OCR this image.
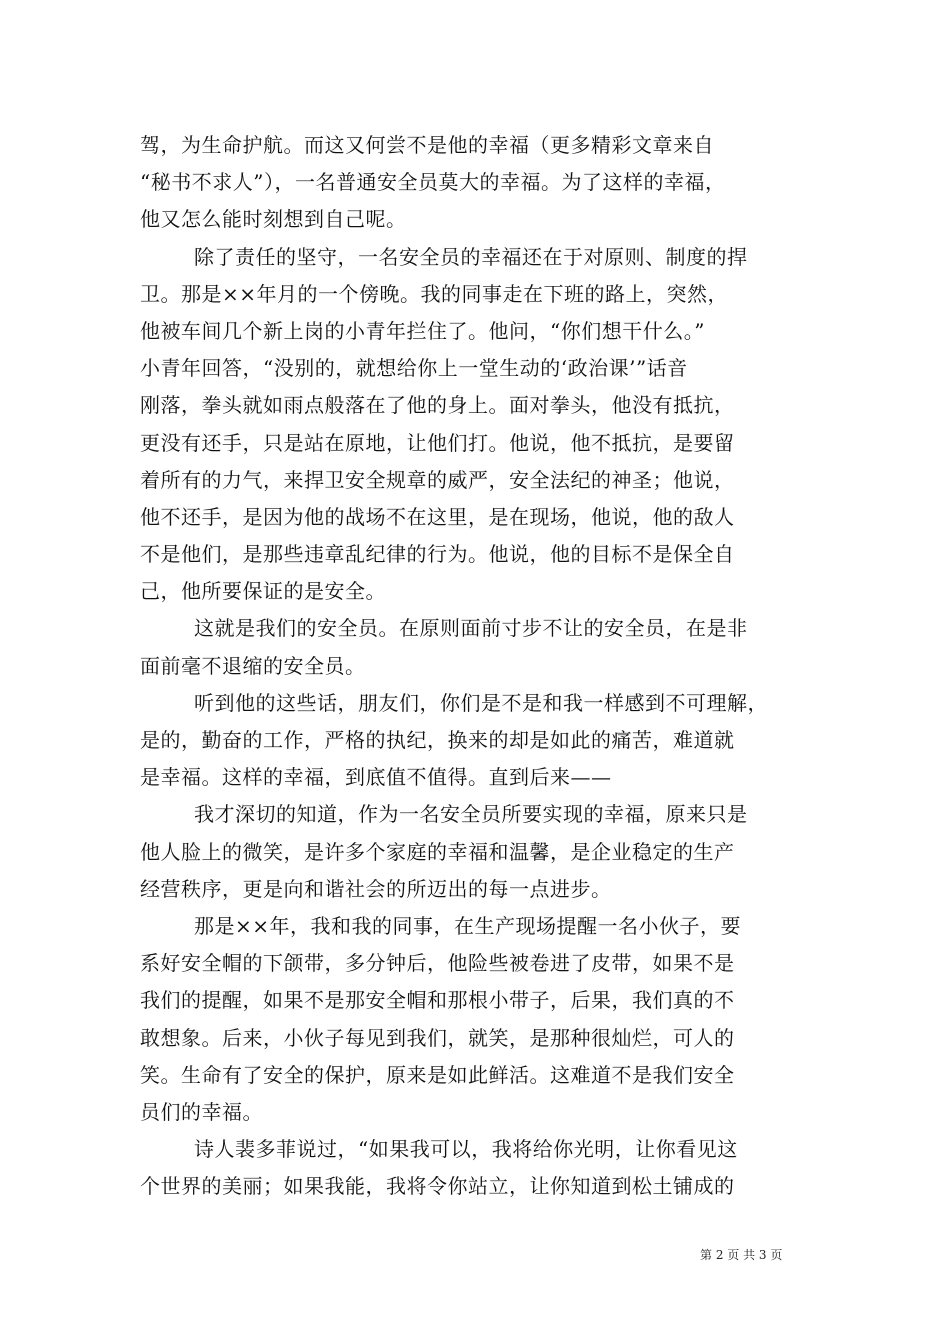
驾，为生命护航。而这又何尝不是他的幸福（更多精彩文章来自
“秘书不求人”），一名普通安全员莫大的幸福。为了这样的幸福，
他又怎么能时刻想到自己呢。
除了责任的坚守，一名安全员的幸福还在于对原则、制度的捍
卫。那是××年月的一个傍晚。我的同事走在下班的路上，突然，
他被车间几个新上岗的小青年拦住了。他问，“你们想干什么。”
小青年回答，“没别的，就想给你上一堂生动的‘政治课’”话音
刚落，拳头就如雨点般落在了他的身上。面对拳头，他没有抵抗，
更没有还手，只是站在原地，让他们打。他说，他不抵抗，是要留
着所有的力气，来捍卫安全规章的威严，安全法纪的神圣；他说，
他不还手，是因为他的战场不在这里，是在现场，他说，他的敌人
不是他们，是那些违章乱纪律的行为。他说，他的目标不是保全自
己，他所要保证的是安全。
这就是我们的安全员。在原则面前寸步不让的安全员，在是非
面前毫不退缩的安全员。
听到他的这些话，朋友们，你们是不是和我一样感到不可理解，
是的，勤奋的工作，严格的执纪，换来的却是如此的痛苦，难道就
是幸福。这样的幸福，到底值不值得。直到后来——
我才深切的知道，作为一名安全员所要实现的幸福，原来只是
他人脸上的微笑，是许多个家庭的幸福和温馨，是企业稳定的生产
经营秩序，更是向和谐社会的所迈出的每一点进步。
那是××年，我和我的同事，在生产现场提醒一名小伙子，要
系好安全帽的下颌带，多分钟后，他险些被卷进了皮带，如果不是
我们的提醒，如果不是那安全帽和那根小带子，后果，我们真的不
敢想象。后来，小伙子每见到我们，就笑，是那种很灿烂，可人的
笑。生命有了安全的保护，原来是如此鲜活。这难道不是我们安全
员们的幸福。
诗人裴多菲说过，“如果我可以，我将给你光明，让你看见这
个世界的美丽；如果我能，我将令你站立，让你知道到松土铺成的
第 2 页 共 3 页
